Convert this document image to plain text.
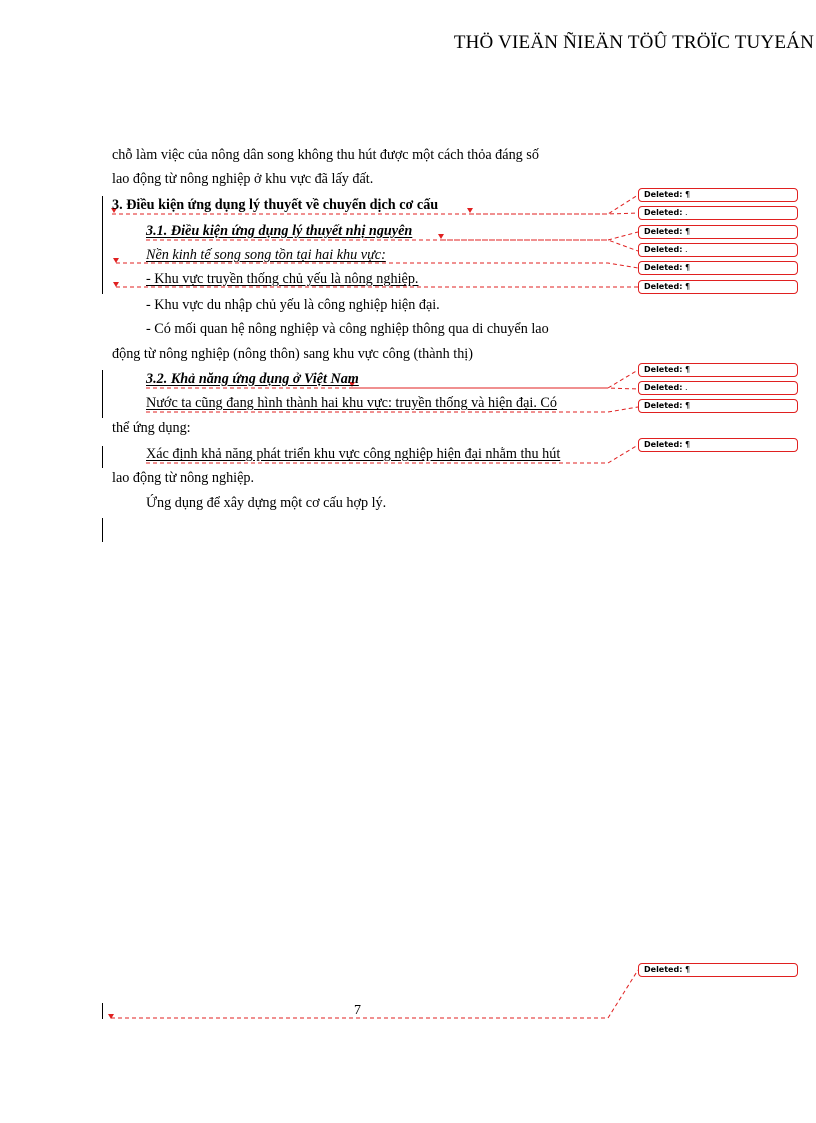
THÖ VIEÄN ÑIEÄN TÖÛ TRÖÏC TUYEÁN
chỗ làm việc của nông dân song không thu hút được một cách thỏa đáng số
lao động từ nông nghiệp ở khu vực đã lấy đất.
3. Điều kiện ứng dụng lý thuyết về chuyển dịch cơ cấu
3.1. Điều kiện ứng dụng lý thuyết nhị nguyên
Nền kinh tế song song tồn tại hai khu vực:
- Khu vực truyền thống chủ yếu là nông nghiệp.
- Khu vực du nhập chủ yếu là công nghiệp hiện đại.
- Có mối quan hệ nông nghiệp và công nghiệp thông qua di chuyển lao
động từ nông nghiệp (nông thôn) sang khu vực công (thành thị)
3.2. Khả năng ứng dụng ở Việt Nam
Nước ta cũng đang hình thành hai khu vực: truyền thống và hiện đại. Có
thể ứng dụng:
Xác định khả năng phát triển khu vực công nghiệp hiện đại nhằm thu hút
lao động từ nông nghiệp.
Ứng dụng để xây dựng một cơ cấu hợp lý.
Deleted: ¶
Deleted: .
Deleted: ¶
Deleted: .
Deleted: ¶
Deleted: ¶
Deleted: ¶
Deleted: .
Deleted: ¶
Deleted: ¶
Deleted: ¶
7
